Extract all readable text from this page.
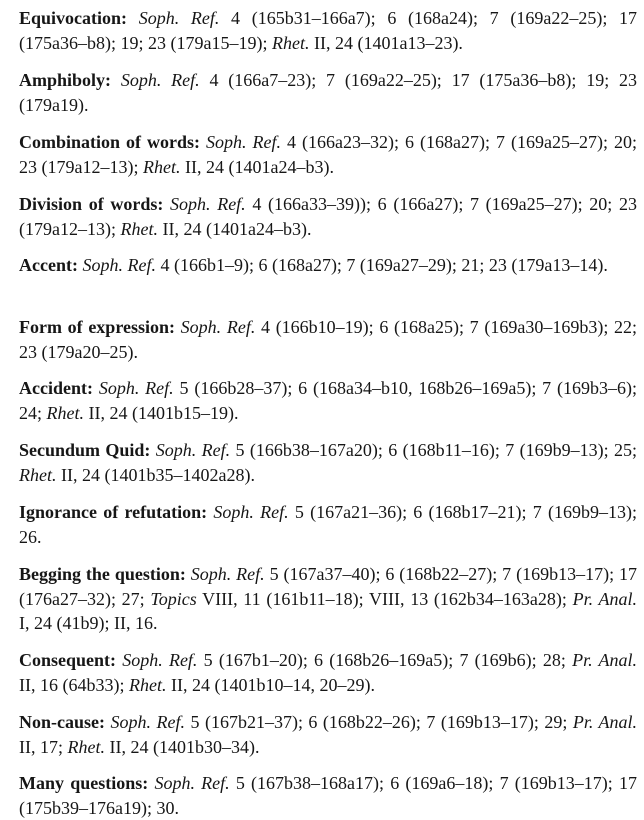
Equivocation: Soph. Ref. 4 (165b31–166a7); 6 (168a24); 7 (169a22–25); 17 (175a36–b8); 19; 23 (179a15–19); Rhet. II, 24 (1401a13–23).

Amphiboly: Soph. Ref. 4 (166a7–23); 7 (169a22–25); 17 (175a36–b8); 19; 23 (179a19).

Combination of words: Soph. Ref. 4 (166a23–32); 6 (168a27); 7 (169a25–27); 20; 23 (179a12–13); Rhet. II, 24 (1401a24–b3).

Division of words: Soph. Ref. 4 (166a33–39)); 6 (166a27); 7 (169a25–27); 20; 23 (179a12–13); Rhet. II, 24 (1401a24–b3).

Accent: Soph. Ref. 4 (166b1–9); 6 (168a27); 7 (169a27–29); 21; 23 (179a13–14).

Form of expression: Soph. Ref. 4 (166b10–19); 6 (168a25); 7 (169a30–169b3); 22; 23 (179a20–25).

Accident: Soph. Ref. 5 (166b28–37); 6 (168a34–b10, 168b26–169a5); 7 (169b3–6); 24; Rhet. II, 24 (1401b15–19).

Secundum Quid: Soph. Ref. 5 (166b38–167a20); 6 (168b11–16); 7 (169b9–13); 25; Rhet. II, 24 (1401b35–1402a28).

Ignorance of refutation: Soph. Ref. 5 (167a21–36); 6 (168b17–21); 7 (169b9–13); 26.

Begging the question: Soph. Ref. 5 (167a37–40); 6 (168b22–27); 7 (169b13–17); 17 (176a27–32); 27; Topics VIII, 11 (161b11–18); VIII, 13 (162b34–163a28); Pr. Anal. I, 24 (41b9); II, 16.

Consequent: Soph. Ref. 5 (167b1–20); 6 (168b26–169a5); 7 (169b6); 28; Pr. Anal. II, 16 (64b33); Rhet. II, 24 (1401b10–14, 20–29).

Non-cause: Soph. Ref. 5 (167b21–37); 6 (168b22–26); 7 (169b13–17); 29; Pr. Anal. II, 17; Rhet. II, 24 (1401b30–34).

Many questions: Soph. Ref. 5 (167b38–168a17); 6 (169a6–18); 7 (169b13–17); 17 (175b39–176a19); 30.
